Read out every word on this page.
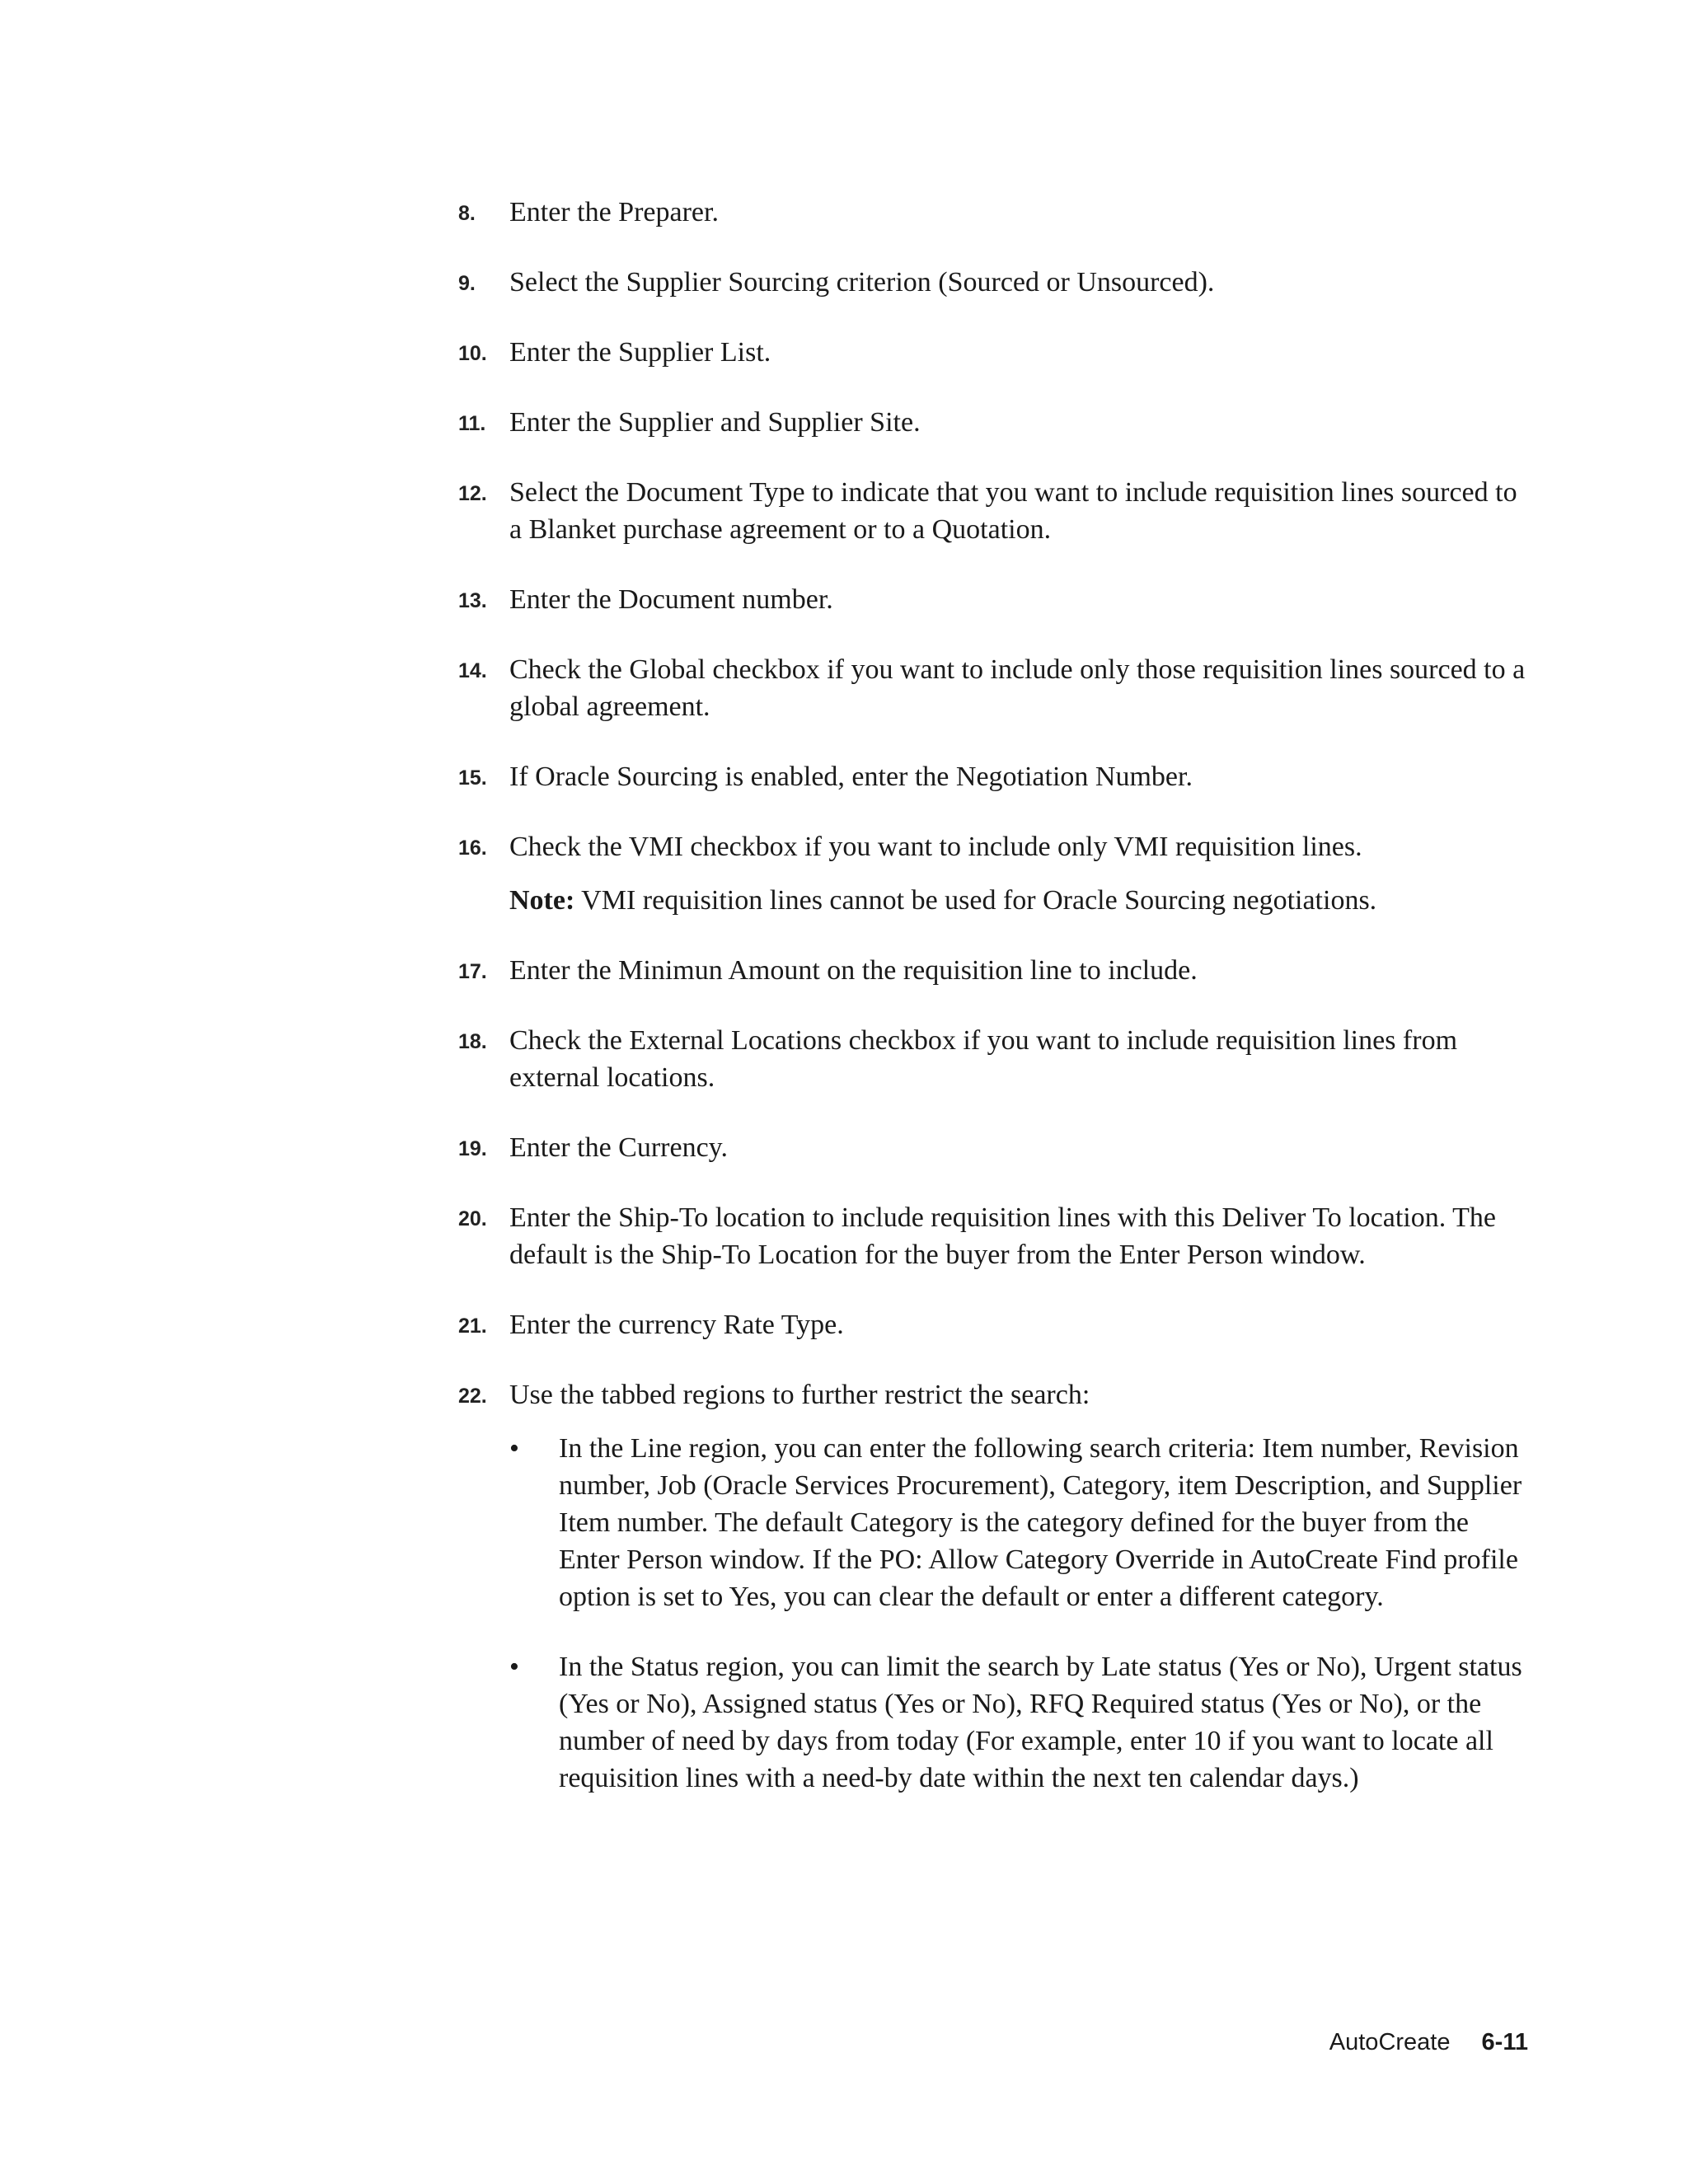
8. Enter the Preparer.
9. Select the Supplier Sourcing criterion (Sourced or Unsourced).
10. Enter the Supplier List.
11. Enter the Supplier and Supplier Site.
12. Select the Document Type to indicate that you want to include requisition lines sourced to a Blanket purchase agreement or to a Quotation.
13. Enter the Document number.
14. Check the Global checkbox if you want to include only those requisition lines sourced to a global agreement.
15. If Oracle Sourcing is enabled, enter the Negotiation Number.
16. Check the VMI checkbox if you want to include only VMI requisition lines.
Note: VMI requisition lines cannot be used for Oracle Sourcing negotiations.
17. Enter the Minimun Amount on the requisition line to include.
18. Check the External Locations checkbox if you want to include requisition lines from external locations.
19. Enter the Currency.
20. Enter the Ship-To location to include requisition lines with this Deliver To location. The default is the Ship-To Location for the buyer from the Enter Person window.
21. Enter the currency Rate Type.
22. Use the tabbed regions to further restrict the search:
• In the Line region, you can enter the following search criteria: Item number, Revision number, Job (Oracle Services Procurement), Category, item Description, and Supplier Item number. The default Category is the category defined for the buyer from the Enter Person window. If the PO: Allow Category Override in AutoCreate Find profile option is set to Yes, you can clear the default or enter a different category.
• In the Status region, you can limit the search by Late status (Yes or No), Urgent status (Yes or No), Assigned status (Yes or No), RFQ Required status (Yes or No), or the number of need by days from today (For example, enter 10 if you want to locate all requisition lines with a need-by date within the next ten calendar days.)
AutoCreate 6-11
